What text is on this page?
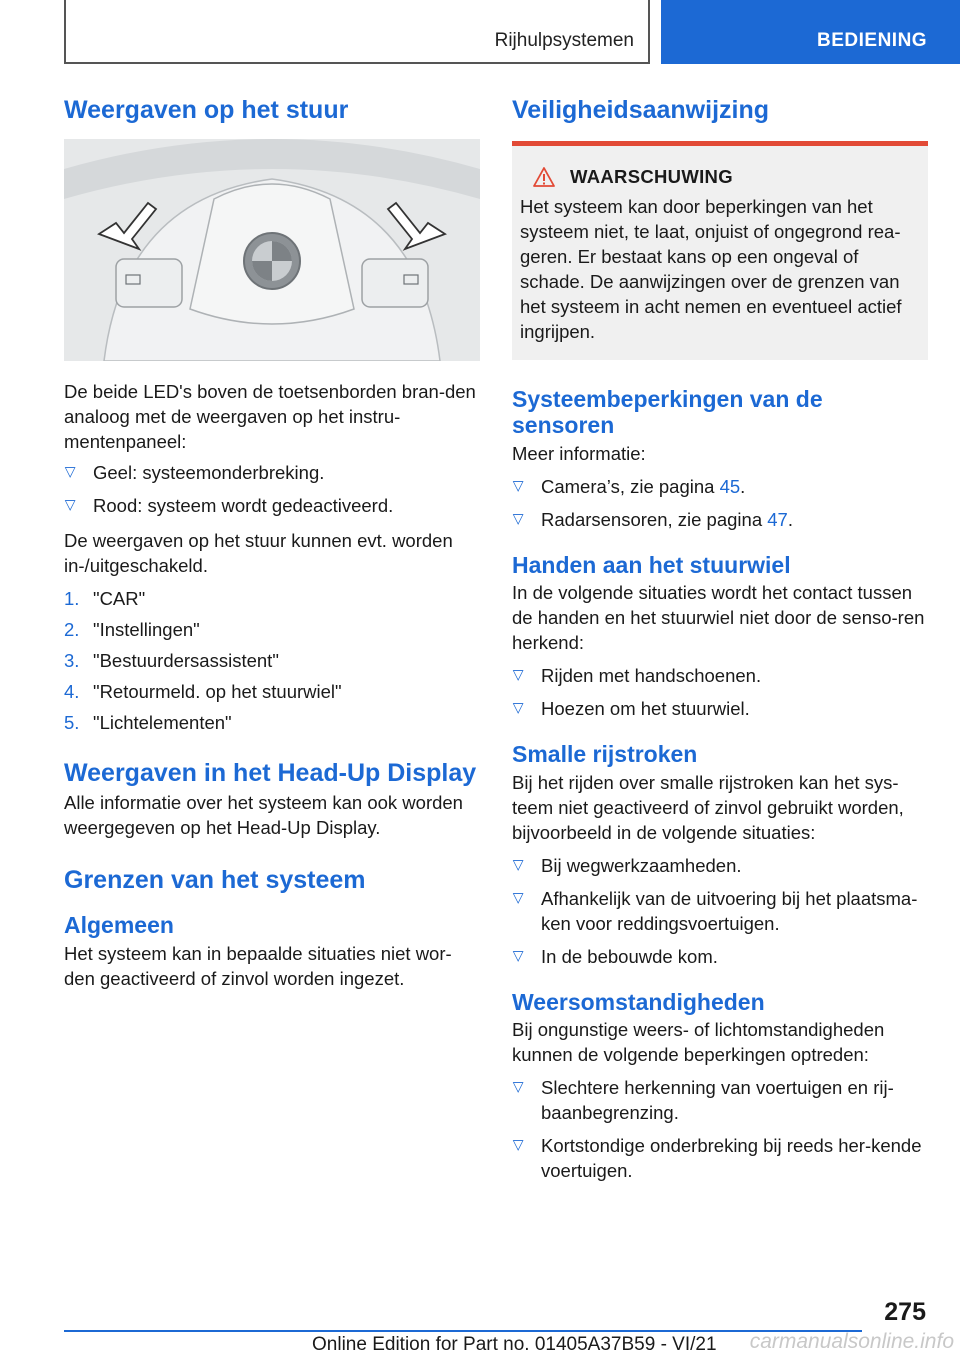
Rijhulpsystemen	BEDIENING
Weergaven op het stuur

De beide LED's boven de toetsenborden bran-den analoog met de weergaven op het instru-mentenpaneel:

▷ Geel: systeemonderbreking.
▷ Rood: systeem wordt gedeactiveerd.

De weergaven op het stuur kunnen evt. worden in-/uitgeschakeld.

1. "CAR"
2. "Instellingen"
3. "Bestuurdersassistent"
4. "Retourmeld. op het stuurwiel"
5. "Lichtelementen"
Weergaven in het Head-Up Display

Alle informatie over het systeem kan ook worden weergegeven op het Head-Up Display.

Grenzen van het systeem
Algemeen

Het systeem kan in bepaalde situaties niet wor-den geactiveerd of zinvol worden ingezet.

Veiligheidsaanwijzing
WAARSCHUWING

Het systeem kan door beperkingen van het systeem niet, te laat, onjuist of ongegrond rea-geren. Er bestaat kans op een ongeval of schade. De aanwijzingen over de grenzen van het systeem in acht nemen en eventueel actief ingrijpen.

Systeembeperkingen van de sensoren

Meer informatie:

▷ Camera’s, zie pagina 45.
▷ Radarsensoren, zie pagina 47.
Handen aan het stuurwiel

In de volgende situaties wordt het contact tussen de handen en het stuurwiel niet door de senso-ren herkend:

▷ Rijden met handschoenen.
▷ Hoezen om het stuurwiel.
Smalle rijstroken

Bij het rijden over smalle rijstroken kan het sys-teem niet geactiveerd of zinvol gebruikt worden, bijvoorbeeld in de volgende situaties:

▷ Bij wegwerkzaamheden.
▷ Afhankelijk van de uitvoering bij het plaatsma-ken voor reddingsvoertuigen.
▷ In de bebouwde kom.
Weersomstandigheden

Bij ongunstige weers- of lichtomstandigheden kunnen de volgende beperkingen optreden:

▷ Slechtere herkenning van voertuigen en rij-baanbegrenzing.
▷ Kortstondige onderbreking bij reeds her-kende voertuigen.
275
Online Edition for Part no. 01405A37B59 - VI/21 carmanualsonline.info
